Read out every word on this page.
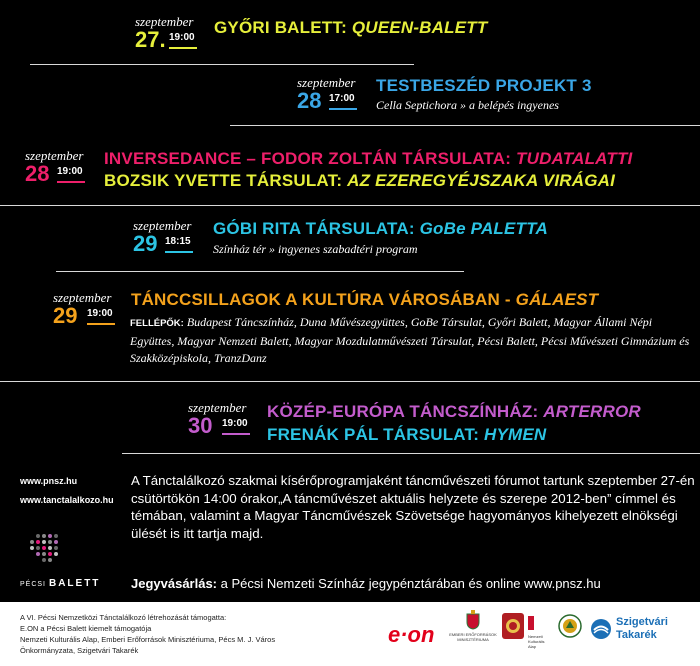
szeptember
27. 19:00
GYŐRI BALETT: QUEEN-BALETT
szeptember
28 17:00
TESTBESZÉD PROJEKT 3
Cella Septichora » a belépés ingyenes
szeptember
28 19:00
INVERSEDANCE – FODOR ZOLTÁN TÁRSULATA: TUDATALATTI
BOZSIK YVETTE TÁRSULAT: AZ EZEREGYÉJSZAKA VIRÁGAI
szeptember
29 18:15
GÓBI RITA TÁRSULATA: GoBe PALETTA
Színház tér » ingyenes szabadtéri program
szeptember
29 19:00
TÁNCCSILLAGOK A KULTÚRA VÁROSÁBAN - GÁLAEST
FELLÉPŐK: Budapest Táncszínház, Duna Művészegyüttes, GoBe Társulat, Győri Balett, Magyar Állami Népi Együttes, Magyar Nemzeti Balett, Magyar Mozdulatművészeti Társulat, Pécsi Balett, Pécsi Művészeti Gimnázium és Szakközépiskola, TranzDanz
szeptember
30 19:00
KÖZÉP-EURÓPA TÁNCSZÍNHÁZ: ARTERROR
FRENÁK PÁL TÁRSULAT: HYMEN
www.pnsz.hu
www.tanctalalkozo.hu
PÉCSI BALETT

A Tánctalálkozó szakmai kísérőprogramjaként táncművészeti fórumot tartunk szeptember 27-én csütörtökön 14:00 órakor„A táncművészet aktuális helyzete és szerepe 2012-ben” címmel és témában, valamint a Magyar Táncművészek Szövetsége hagyományos kihelyezett elnökségi ülését is itt tartja majd.

Jegyvásárlás: a Pécsi Nemzeti Színház jegypénztárában és online www.pnsz.hu
A VI. Pécsi Nemzetközi Tánctalálkozó létrehozását támogatta:
E.ON a Pécsi Balett kiemelt támogatója
Nemzeti Kulturális Alap, Emberi Erőforrások Minisztériuma, Pécs M. J. Város Önkormányzata, Szigetvári Takarék
e·on	EMBERI ERŐFORRÁSOK MINISZTÉRIUMA
Nemzeti Kulturális Alap
Szigetvári
Takarék
